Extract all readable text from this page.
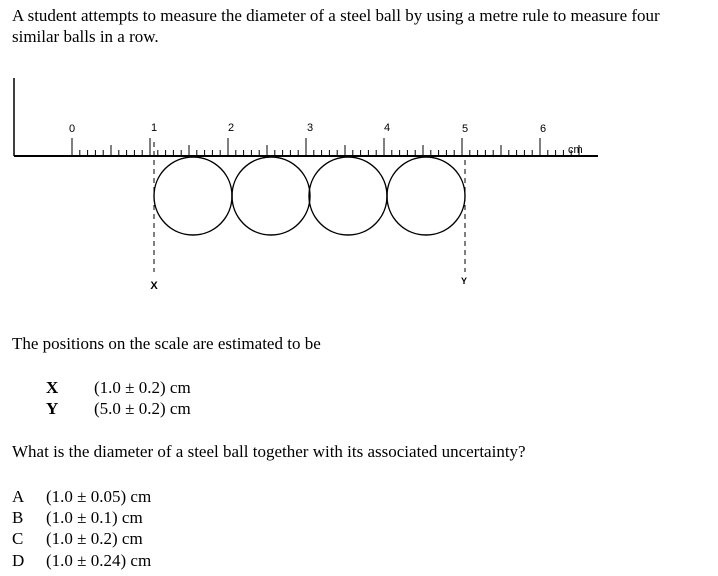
A student attempts to measure the diameter of a steel ball by using a metre rule to measure four similar balls in a row.
0	1	2	3	4	5	6
cm
X	Y
The positions on the scale are estimated to be
X (1.0 ± 0.2) cm
Y (5.0 ± 0.2) cm
What is the diameter of a steel ball together with its associated uncertainty?
A	(1.0 ± 0.05) cm
B	(1.0 ± 0.1) cm
C	(1.0 ± 0.2) cm
D	(1.0 ± 0.24) cm
